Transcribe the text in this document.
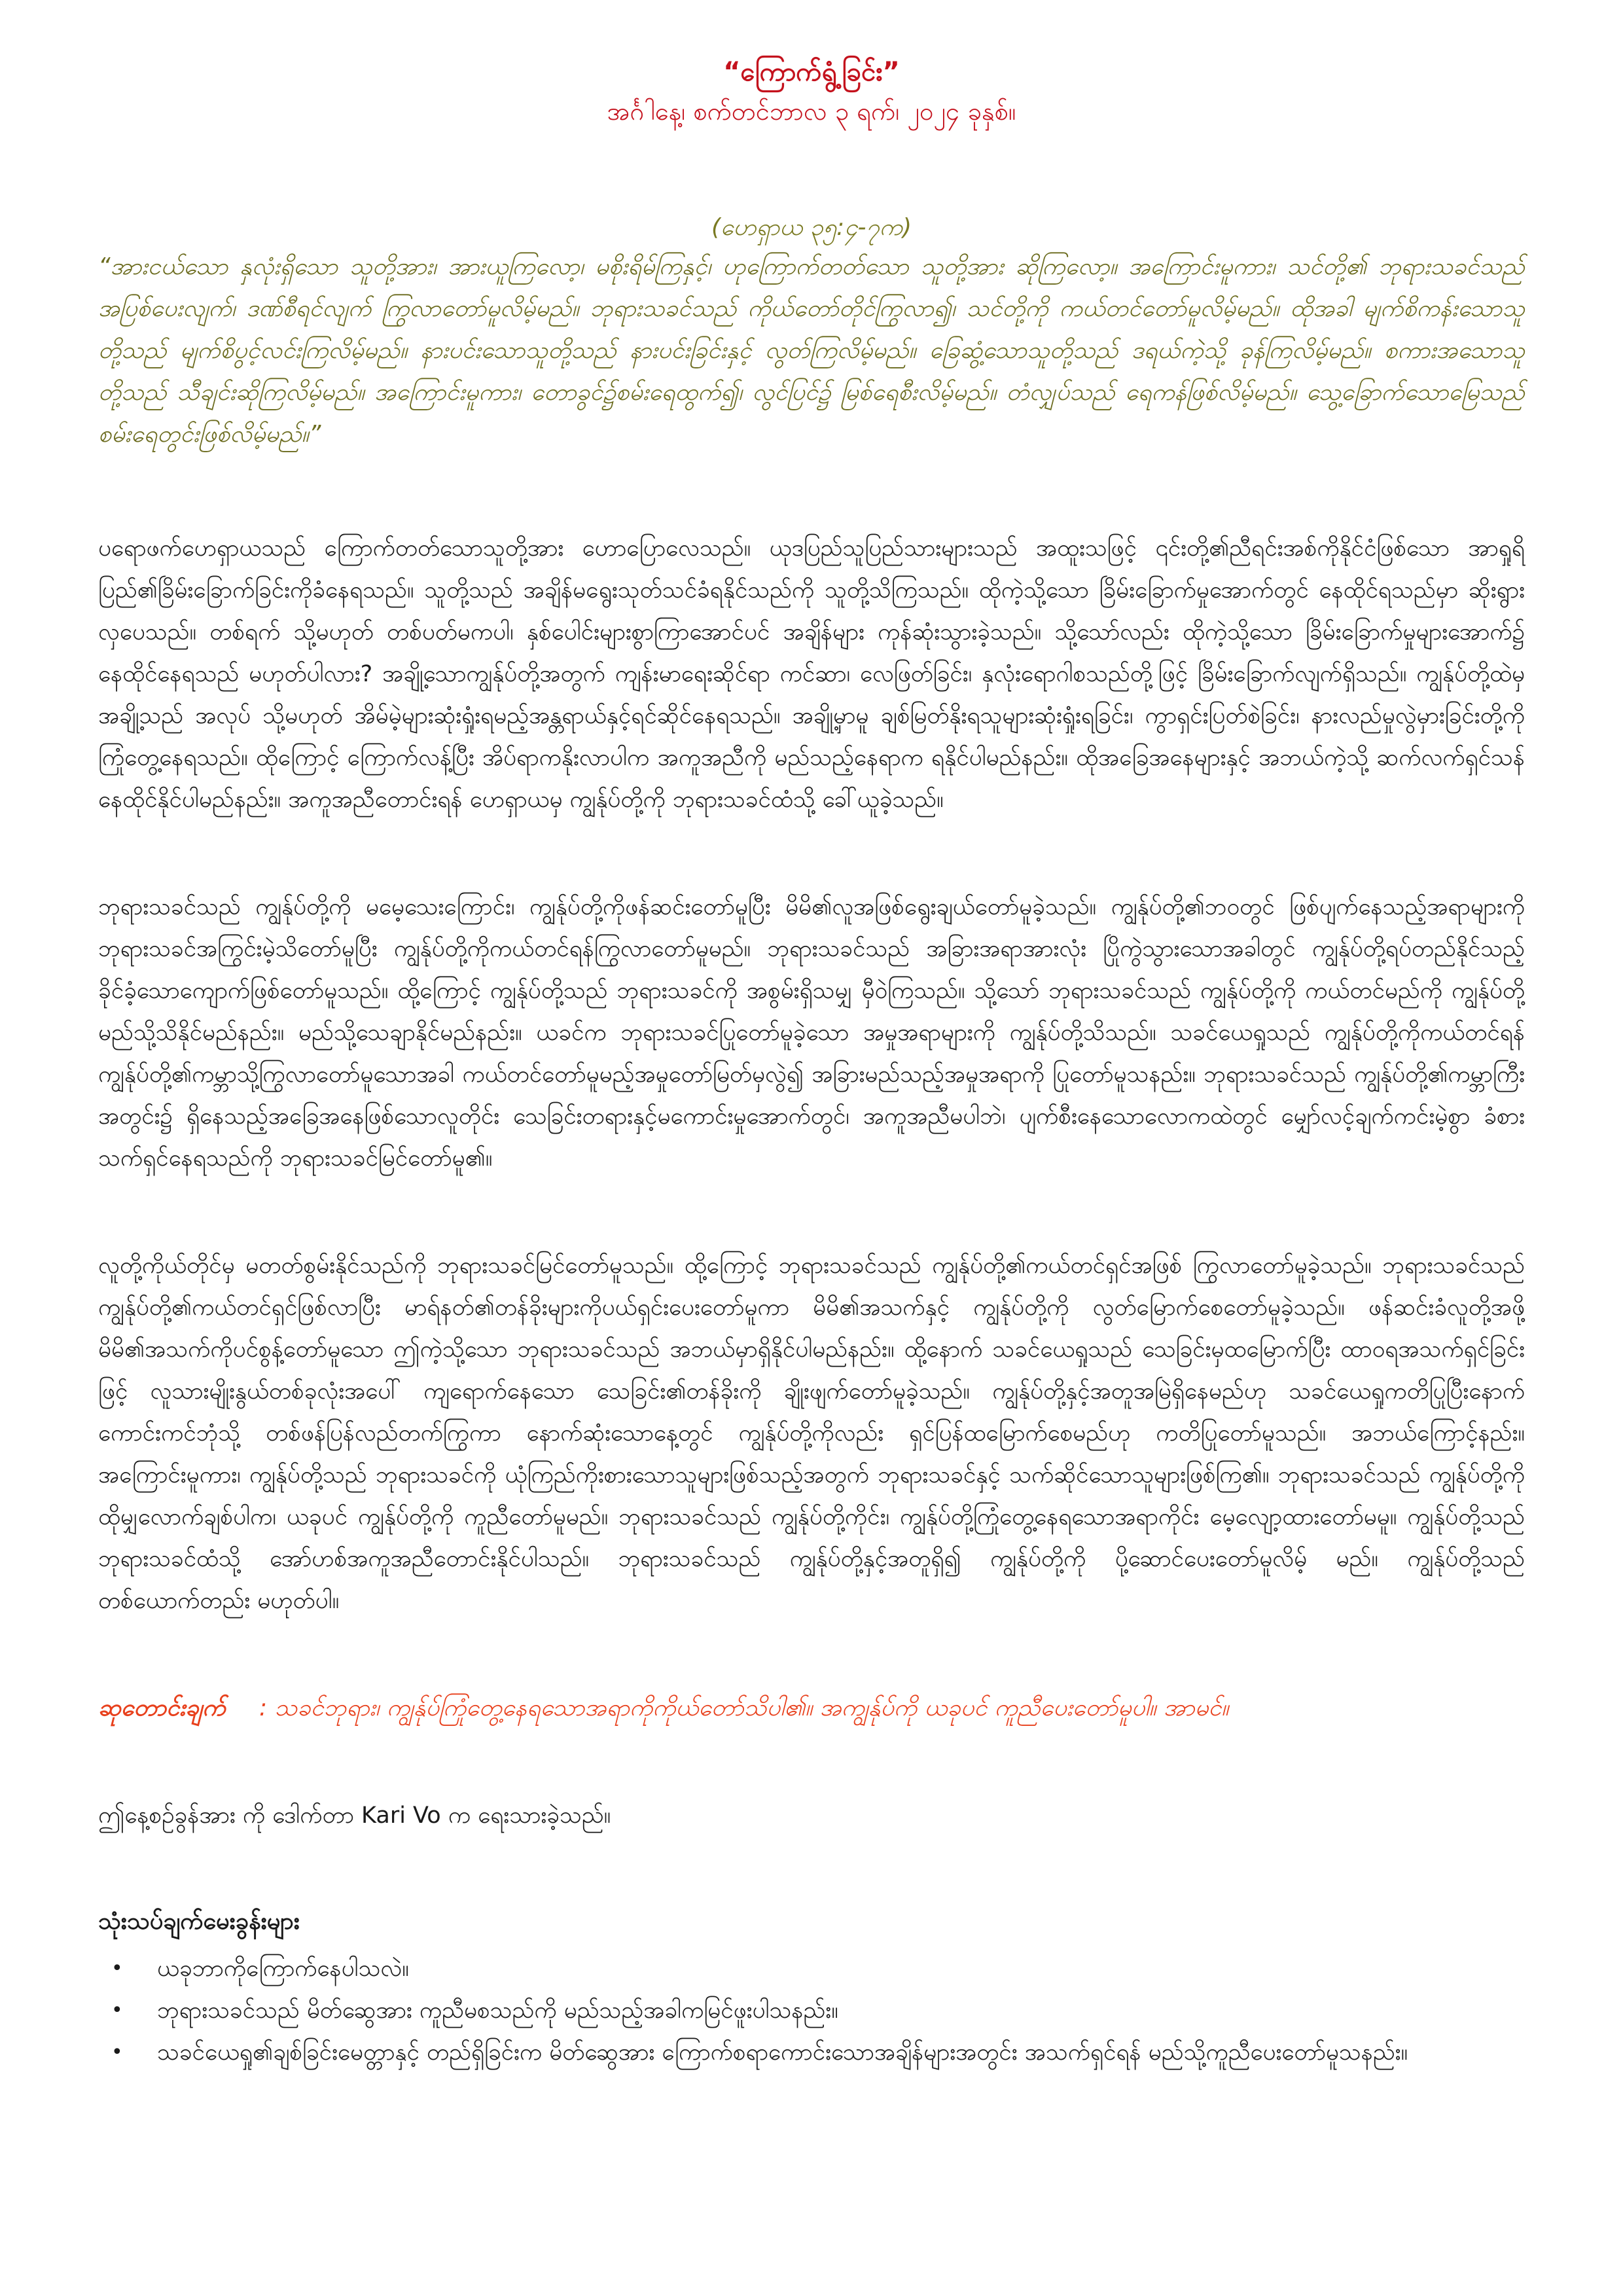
“ကြောက်ရွံ့ခြင်း”

အင်္ဂါနေ့၊ စက်တင်ဘာလ ၃ ရက်၊ ၂၀၂၄ ခုနှစ်။

(ဟေရှာယ ၃၅:၄-၇က)

“အားငယ်သော နှလုံးရှိသော သူတို့အား၊ အားယူကြလော့၊ မစိုးရိမ်ကြနှင့်၊ ဟုကြောက်တတ်သော သူတို့အား ဆိုကြလော့။ အကြောင်းမူကား၊ သင်တို့၏ ဘုရားသခင်သည် အပြစ်ပေးလျက်၊ ဒဏ်စီရင်လျက် ကြွလာတော်မူလိမ့်မည်။ ဘုရားသခင်သည် ကိုယ်တော်တိုင်ကြွလာ၍၊ သင်တို့ကို ကယ်တင်တော်မူလိမ့်မည်။ ထိုအခါ မျက်စိကန်းသောသူတို့သည် မျက်စိပွင့်လင်းကြလိမ့်မည်။ နားပင်းသောသူတို့သည် နားပင်းခြင်းနှင့် လွတ်ကြလိမ့်မည်။ ခြေဆွံ့သောသူတို့သည် ဒရယ်ကဲ့သို့ ခုန်ကြလိမ့်မည်။ စကားအသောသူတို့သည် သီချင်းဆိုကြလိမ့်မည်။ အကြောင်းမူကား၊ တောခွင်၌စမ်းရေထွက်၍၊ လွင်ပြင်၌ မြစ်ရေစီးလိမ့်မည်။ တံလျှပ်သည် ရေကန်ဖြစ်လိမ့်မည်။ သွေ့ခြောက်သောမြေသည် စမ်းရေတွင်းဖြစ်လိမ့်မည်။”

ပရောဖက်ဟေရှာယသည် ကြောက်တတ်သောသူတို့အား ဟောပြောလေသည်။ ယုဒပြည်သူပြည်သားများသည် အထူးသဖြင့် ၎င်းတို့၏ညီရင်းအစ်ကိုနိုင်ငံဖြစ်သော အာရှုရိပြည်၏ခြိမ်းခြောက်ခြင်းကိုခံနေရသည်။ သူတို့သည် အချိန်မရွေးသုတ်သင်ခံရနိုင်သည်ကို သူတို့သိကြသည်။ ထိုကဲ့သို့သော ခြိမ်းခြောက်မှုအောက်တွင် နေထိုင်ရသည်မှာ ဆိုးရွားလှပေသည်။ တစ်ရက် သို့မဟုတ် တစ်ပတ်မကပါ၊ နှစ်ပေါင်းများစွာကြာအောင်ပင် အချိန်များ ကုန်ဆုံးသွားခဲ့သည်။ သို့သော်လည်း ထိုကဲ့သို့သော ခြိမ်းခြောက်မှုများအောက်၌ နေထိုင်နေရသည် မဟုတ်ပါလား? အချို့သောကျွန်ုပ်တို့အတွက် ကျန်းမာရေးဆိုင်ရာ ကင်ဆာ၊ လေဖြတ်ခြင်း၊ နှလုံးရောဂါစသည်တို့ဖြင့် ခြိမ်းခြောက်လျက်ရှိသည်။ ကျွန်ုပ်တို့ထဲမှအချို့သည် အလုပ် သို့မဟုတ် အိမ်မဲ့များဆုံးရှုံးရမည့်အန္တရာယ်နှင့်ရင်ဆိုင်နေရသည်။ အချို့မှာမူ ချစ်မြတ်နိုးရသူများဆုံးရှုံးရခြင်း၊ ကွာရှင်းပြတ်စဲခြင်း၊ နားလည်မှုလွဲမှားခြင်းတို့ကို ကြုံတွေ့နေရသည်။ ထိုကြောင့် ကြောက်လန့်ပြီး အိပ်ရာကနိုးလာပါက အကူအညီကို မည်သည့်နေရာက ရနိုင်ပါမည်နည်း။ ထိုအခြေအနေများနှင့် အဘယ်ကဲ့သို့ ဆက်လက်ရှင်သန်နေထိုင်နိုင်ပါမည်နည်း။ အကူအညီတောင်းရန် ဟေရှာယမှ ကျွန်ုပ်တို့ကို ဘုရားသခင်ထံသို့ ခေါ်ယူခဲ့သည်။

ဘုရားသခင်သည် ကျွန်ုပ်တို့ကို မမေ့သေးကြောင်း၊ ကျွန်ုပ်တို့ကိုဖန်ဆင်းတော်မူပြီး မိမိ၏လူအဖြစ်ရွေးချယ်တော်မူခဲ့သည်။ ကျွန်ုပ်တို့၏ဘဝတွင် ဖြစ်ပျက်နေသည့်အရာများကို ဘုရားသခင်အကြွင်းမဲ့သိတော်မူပြီး ကျွန်ုပ်တို့ကိုကယ်တင်ရန်ကြွလာတော်မူမည်။ ဘုရားသခင်သည် အခြားအရာအားလုံး ပြိုကွဲသွားသောအခါတွင် ကျွန်ုပ်တို့ရပ်တည်နိုင်သည့် ခိုင်ခံ့သောကျောက်ဖြစ်တော်မူသည်။ ထို့ကြောင့် ကျွန်ုပ်တို့သည် ဘုရားသခင်ကို အစွမ်းရှိသမျှ မှီဝဲကြသည်။ သို့သော် ဘုရားသခင်သည် ကျွန်ုပ်တို့ကို ကယ်တင်မည်ကို ကျွန်ုပ်တို့ မည်သို့သိနိုင်မည်နည်း။ မည်သို့သေချာနိုင်မည်နည်း။ ယခင်က ဘုရားသခင်ပြုတော်မူခဲ့သော အမှုအရာများကို ကျွန်ုပ်တို့သိသည်။ သခင်ယေရှုသည် ကျွန်ုပ်တို့ကိုကယ်တင်ရန် ကျွန်ုပ်တို့၏ကမ္ဘာသို့ကြွလာတော်မူသောအခါ ကယ်တင်တော်မူမည့်အမှုတော်မြတ်မှလွဲ၍ အခြားမည်သည့်အမှုအရာကို ပြုတော်မူသနည်း။ ဘုရားသခင်သည် ကျွန်ုပ်တို့၏ကမ္ဘာကြီးအတွင်း၌ ရှိနေသည့်အခြေအနေဖြစ်သောလူတိုင်း သေခြင်းတရားနှင့်မကောင်းမှုအောက်တွင်၊ အကူအညီမပါဘဲ၊ ပျက်စီးနေသောလောကထဲတွင် မျှော်လင့်ချက်ကင်းမဲ့စွာ ခံစားသက်ရှင်နေရသည်ကို ဘုရားသခင်မြင်တော်မူ၏။

လူတို့ကိုယ်တိုင်မှ မတတ်စွမ်းနိုင်သည်ကို ဘုရားသခင်မြင်တော်မူသည်။ ထို့ကြောင့် ဘုရားသခင်သည် ကျွန်ုပ်တို့၏ကယ်တင်ရှင်အဖြစ် ကြွလာတော်မူခဲ့သည်။ ဘုရားသခင်သည် ကျွန်ုပ်တို့၏ကယ်တင်ရှင်ဖြစ်လာပြီး မာရ်နတ်၏တန်ခိုးများကိုပယ်ရှင်းပေးတော်မူကာ မိမိ၏အသက်နှင့် ကျွန်ုပ်တို့ကို လွတ်မြောက်စေတော်မူခဲ့သည်။ ဖန်ဆင်းခံလူတို့အဖို့ မိမိ၏အသက်ကိုပင်စွန့်တော်မူသော ဤကဲ့သို့သော ဘုရားသခင်သည် အဘယ်မှာရှိနိုင်ပါမည်နည်း။ ထို့နောက် သခင်ယေရှုသည် သေခြင်းမှထမြောက်ပြီး ထာဝရအသက်ရှင်ခြင်းဖြင့် လူသားမျိုးနွယ်တစ်ခုလုံးအပေါ် ကျရောက်နေသော သေခြင်း၏တန်ခိုးကို ချိုးဖျက်တော်မူခဲ့သည်။ ကျွန်ုပ်တို့နှင့်အတူအမြဲရှိနေမည်ဟု သခင်ယေရှုကတိပြုပြီးနောက် ကောင်းကင်ဘုံသို့ တစ်ဖန်ပြန်လည်တက်ကြွကာ နောက်ဆုံးသောနေ့တွင် ကျွန်ုပ်တို့ကိုလည်း ရှင်ပြန်ထမြောက်စေမည်ဟု ကတိပြုတော်မူသည်။ အဘယ်ကြောင့်နည်း။ အကြောင်းမူကား၊ ကျွန်ုပ်တို့သည် ဘုရားသခင်ကို ယုံကြည်ကိုးစားသောသူများဖြစ်သည့်အတွက် ဘုရားသခင်နှင့် သက်ဆိုင်သောသူများဖြစ်ကြ၏။ ဘုရားသခင်သည် ကျွန်ုပ်တို့ကို ထိုမျှလောက်ချစ်ပါက၊ ယခုပင် ကျွန်ုပ်တို့ကို ကူညီတော်မူမည်။ ဘုရားသခင်သည် ကျွန်ုပ်တို့ကိုင်း၊ ကျွန်ုပ်တို့ကြုံတွေ့နေရသောအရာကိုင်း မေ့လျော့ထားတော်မမူ။ ကျွန်ုပ်တို့သည် ဘုရားသခင်ထံသို့ အော်ဟစ်အကူအညီတောင်းနိုင်ပါသည်။ ဘုရားသခင်သည် ကျွန်ုပ်တို့နှင့်အတူရှိ၍ ကျွန်ုပ်တို့ကို ပို့ဆောင်ပေးတော်မူလိမ့် မည်။ ကျွန်ုပ်တို့သည် တစ်ယောက်တည်း မဟုတ်ပါ။

ဆုတောင်းချက် : သခင်ဘုရား၊ ကျွန်ုပ်ကြုံတွေ့နေရသောအရာကိုကိုယ်တော်သိပါ၏။ အကျွန်ုပ်ကို ယခုပင် ကူညီပေးတော်မူပါ။ အာမင်။

ဤနေ့စဉ်ခွန်အား ကို ဒေါက်တာ Kari Vo က ရေးသားခဲ့သည်။

သုံးသပ်ချက်မေးခွန်းများ
• ယခုဘာကိုကြောက်နေပါသလဲ။
• ဘုရားသခင်သည် မိတ်ဆွေအား ကူညီမစသည်ကို မည်သည့်အခါကမြင်ဖူးပါသနည်း။
• သခင်ယေရှု၏ချစ်ခြင်းမေတ္တာနှင့် တည်ရှိခြင်းက မိတ်ဆွေအား ကြောက်စရာကောင်းသောအချိန်များအတွင်း အသက်ရှင်ရန် မည်သို့ကူညီပေးတော်မူသနည်း။
